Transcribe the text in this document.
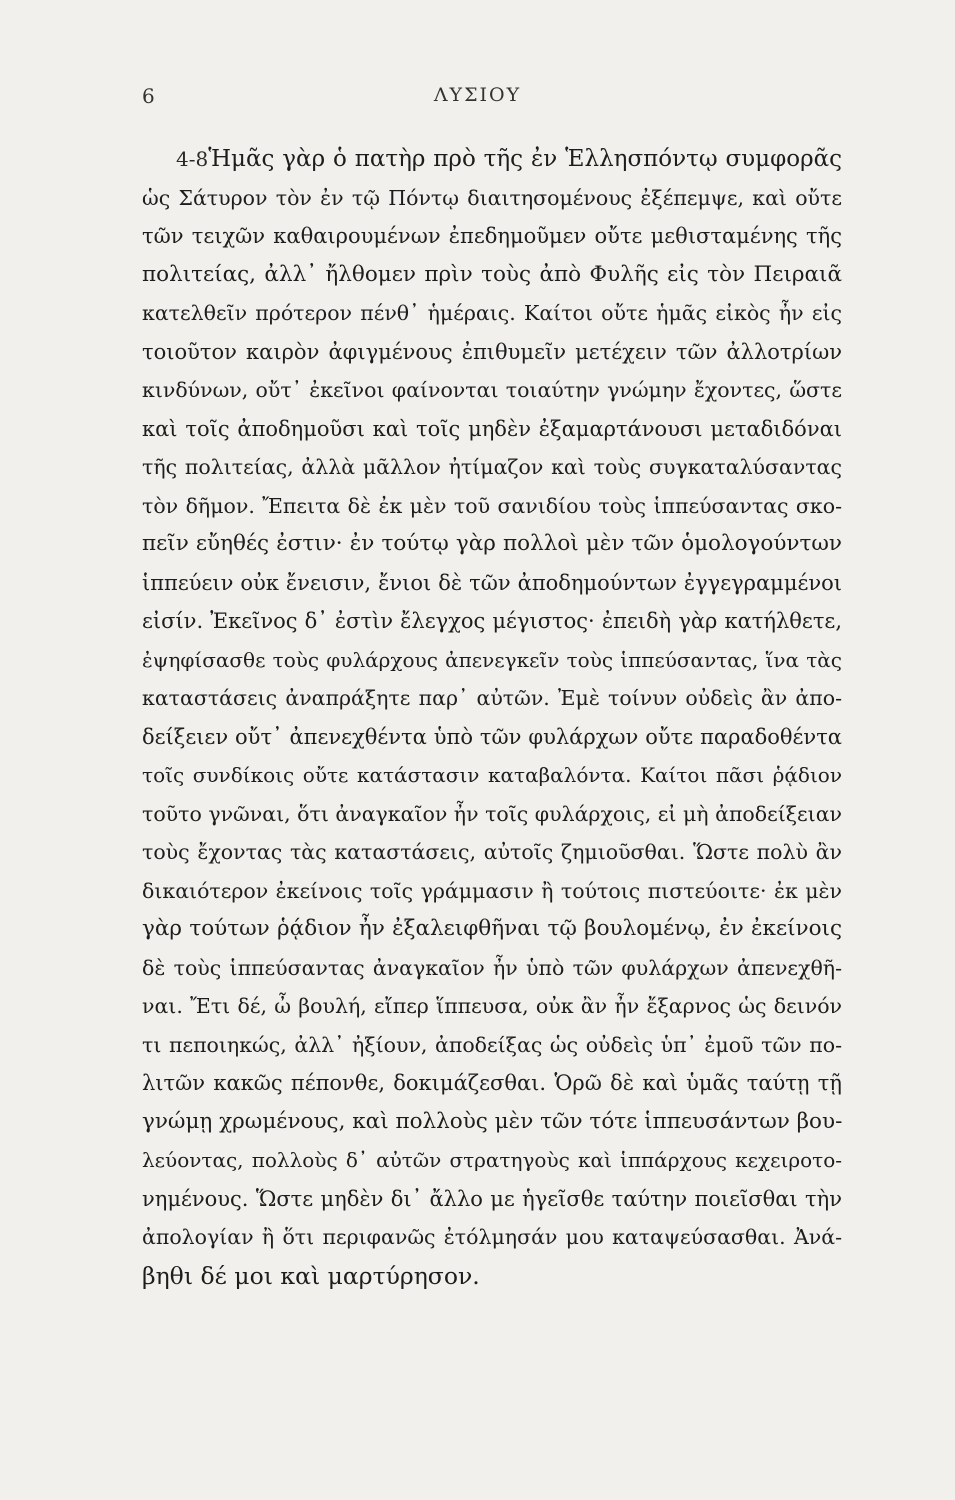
6	ΛΥΣΙΟΥ
4-8Ἡμᾶς γὰρ ὁ πατὴρ πρὸ τῆς ἐν Ἑλλησπόντῳ συμφορᾶς
ὡς Σάτυρον τὸν ἐν τῷ Πόντῳ διαιτησομένους ἐξέπεμψε, καὶ οὔτε
τῶν τειχῶν καθαιρουμένων ἐπεδημοῦμεν οὔτε μεθισταμένης τῆς
πολιτείας, ἀλλ᾽ ἤλθομεν πρὶν τοὺς ἀπὸ Φυλῆς εἰς τὸν Πειραιᾶ
κατελθεῖν πρότερον πένθ᾽ ἡμέραις. Καίτοι οὔτε ἡμᾶς εἰκὸς ἦν εἰς
τοιοῦτον καιρὸν ἀφιγμένους ἐπιθυμεῖν μετέχειν τῶν ἀλλοτρίων
κινδύνων, οὔτ᾽ ἐκεῖνοι φαίνονται τοιαύτην γνώμην ἔχοντες, ὥστε
καὶ τοῖς ἀποδημοῦσι καὶ τοῖς μηδὲν ἐξαμαρτάνουσι μεταδιδόναι
τῆς πολιτείας, ἀλλὰ μᾶλλον ἠτίμαζον καὶ τοὺς συγκαταλύσαντας
τὸν δῆμον. Ἔπειτα δὲ ἐκ μὲν τοῦ σανιδίου τοὺς ἱππεύσαντας σκο-
πεῖν εὔηθές ἐστιν· ἐν τούτῳ γὰρ πολλοὶ μὲν τῶν ὁμολογούντων
ἱππεύειν οὐκ ἔνεισιν, ἔνιοι δὲ τῶν ἀποδημούντων ἐγγεγραμμένοι
εἰσίν. Ἐκεῖνος δ᾽ ἐστὶν ἔλεγχος μέγιστος· ἐπειδὴ γὰρ κατήλθετε,
ἐψηφίσασθε τοὺς φυλάρχους ἀπενεγκεῖν τοὺς ἱππεύσαντας, ἵνα τὰς
καταστάσεις ἀναπράξητε παρ᾽ αὐτῶν. Ἐμὲ τοίνυν οὐδεὶς ἂν ἀπο-
δείξειεν οὔτ᾽ ἀπενεχθέντα ὑπὸ τῶν φυλάρχων οὔτε παραδοθέντα
τοῖς συνδίκοις οὔτε κατάστασιν καταβαλόντα. Καίτοι πᾶσι ῥᾴδιον
τοῦτο γνῶναι, ὅτι ἀναγκαῖον ἦν τοῖς φυλάρχοις, εἰ μὴ ἀποδείξειαν
τοὺς ἔχοντας τὰς καταστάσεις, αὐτοῖς ζημιοῦσθαι. Ὥστε πολὺ ἂν
δικαιότερον ἐκείνοις τοῖς γράμμασιν ἢ τούτοις πιστεύοιτε· ἐκ μὲν
γὰρ τούτων ῥᾴδιον ἦν ἐξαλειφθῆναι τῷ βουλομένῳ, ἐν ἐκείνοις
δὲ τοὺς ἱππεύσαντας ἀναγκαῖον ἦν ὑπὸ τῶν φυλάρχων ἀπενεχθῆ-
ναι. Ἔτι δέ, ὦ βουλή, εἴπερ ἵππευσα, οὐκ ἂν ἦν ἔξαρνος ὡς δεινόν
τι πεποιηκώς, ἀλλ᾽ ἠξίουν, ἀποδείξας ὡς οὐδεὶς ὑπ᾽ ἐμοῦ τῶν πο-
λιτῶν κακῶς πέπονθε, δοκιμάζεσθαι. Ὁρῶ δὲ καὶ ὑμᾶς ταύτῃ τῇ
γνώμῃ χρωμένους, καὶ πολλοὺς μὲν τῶν τότε ἱππευσάντων βου-
λεύοντας, πολλοὺς δ᾽ αὐτῶν στρατηγοὺς καὶ ἱππάρχους κεχειροτο-
νημένους. Ὥστε μηδὲν δι᾽ ἄλλο με ἡγεῖσθε ταύτην ποιεῖσθαι τὴν
ἀπολογίαν ἢ ὅτι περιφανῶς ἐτόλμησάν μου καταψεύσασθαι. Ἀνά-
βηθι δέ μοι καὶ μαρτύρησον.
